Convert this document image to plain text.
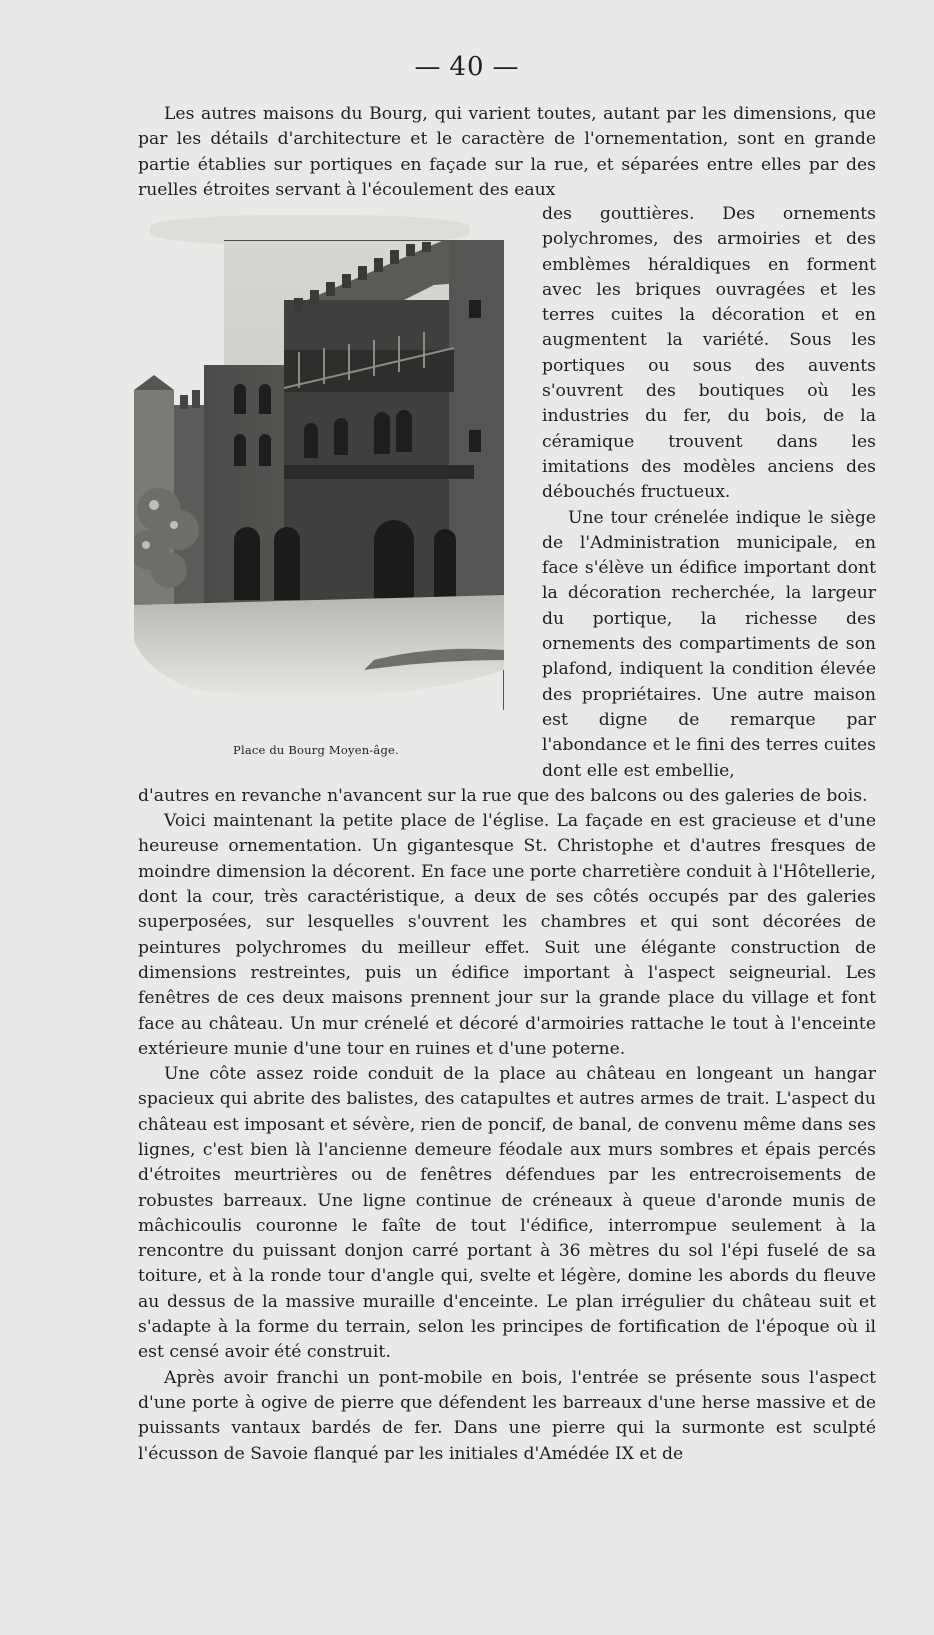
— 40 —

Les autres maisons du Bourg, qui varient toutes, autant par les dimensions, que par les détails d'architecture et le caractère de l'ornementation, sont en grande partie établies sur portiques en façade sur la rue, et séparées entre elles par des ruelles étroites servant à l'écoulement des eaux

Place du Bourg Moyen-âge.

des gouttières. Des ornements polychromes, des armoiries et des emblèmes héraldiques en forment avec les briques ouvragées et les terres cuites la décoration et en augmentent la variété. Sous les portiques ou sous des auvents s'ouvrent des boutiques où les industries du fer, du bois, de la céramique trouvent dans les imitations des modèles anciens des débouchés fructueux.

Une tour crénelée indique le siège de l'Administration municipale, en face s'élève un édifice important dont la décoration recherchée, la largeur du portique, la richesse des ornements des compartiments de son plafond, indiquent la condition élevée des propriétaires. Une autre maison est digne de remarque par l'abondance et le fini des terres cuites dont elle est embellie,

d'autres en revanche n'avancent sur la rue que des balcons ou des galeries de bois.

Voici maintenant la petite place de l'église. La façade en est gracieuse et d'une heureuse ornementation. Un gigantesque St. Christophe et d'autres fresques de moindre dimension la décorent. En face une porte charretière conduit à l'Hôtellerie, dont la cour, très caractéristique, a deux de ses côtés occupés par des galeries superposées, sur lesquelles s'ouvrent les chambres et qui sont décorées de peintures polychromes du meilleur effet. Suit une élégante construction de dimensions restreintes, puis un édifice important à l'aspect seigneurial. Les fenêtres de ces deux maisons prennent jour sur la grande place du village et font face au château. Un mur crénelé et décoré d'armoiries rattache le tout à l'enceinte extérieure munie d'une tour en ruines et d'une poterne.

Une côte assez roide conduit de la place au château en longeant un hangar spacieux qui abrite des balistes, des catapultes et autres armes de trait. L'aspect du château est imposant et sévère, rien de poncif, de banal, de convenu même dans ses lignes, c'est bien là l'ancienne demeure féodale aux murs sombres et épais percés d'étroites meurtrières ou de fenêtres défendues par les entrecroisements de robustes barreaux. Une ligne continue de créneaux à queue d'aronde munis de mâchicoulis couronne le faîte de tout l'édifice, interrompue seulement à la rencontre du puissant donjon carré portant à 36 mètres du sol l'épi fuselé de sa toiture, et à la ronde tour d'angle qui, svelte et légère, domine les abords du fleuve au dessus de la massive muraille d'enceinte. Le plan irrégulier du château suit et s'adapte à la forme du terrain, selon les principes de fortification de l'époque où il est censé avoir été construit.

Après avoir franchi un pont-mobile en bois, l'entrée se présente sous l'aspect d'une porte à ogive de pierre que défendent les barreaux d'une herse massive et de puissants vantaux bardés de fer. Dans une pierre qui la surmonte est sculpté l'écusson de Savoie flanqué par les initiales d'Amédée IX et de
